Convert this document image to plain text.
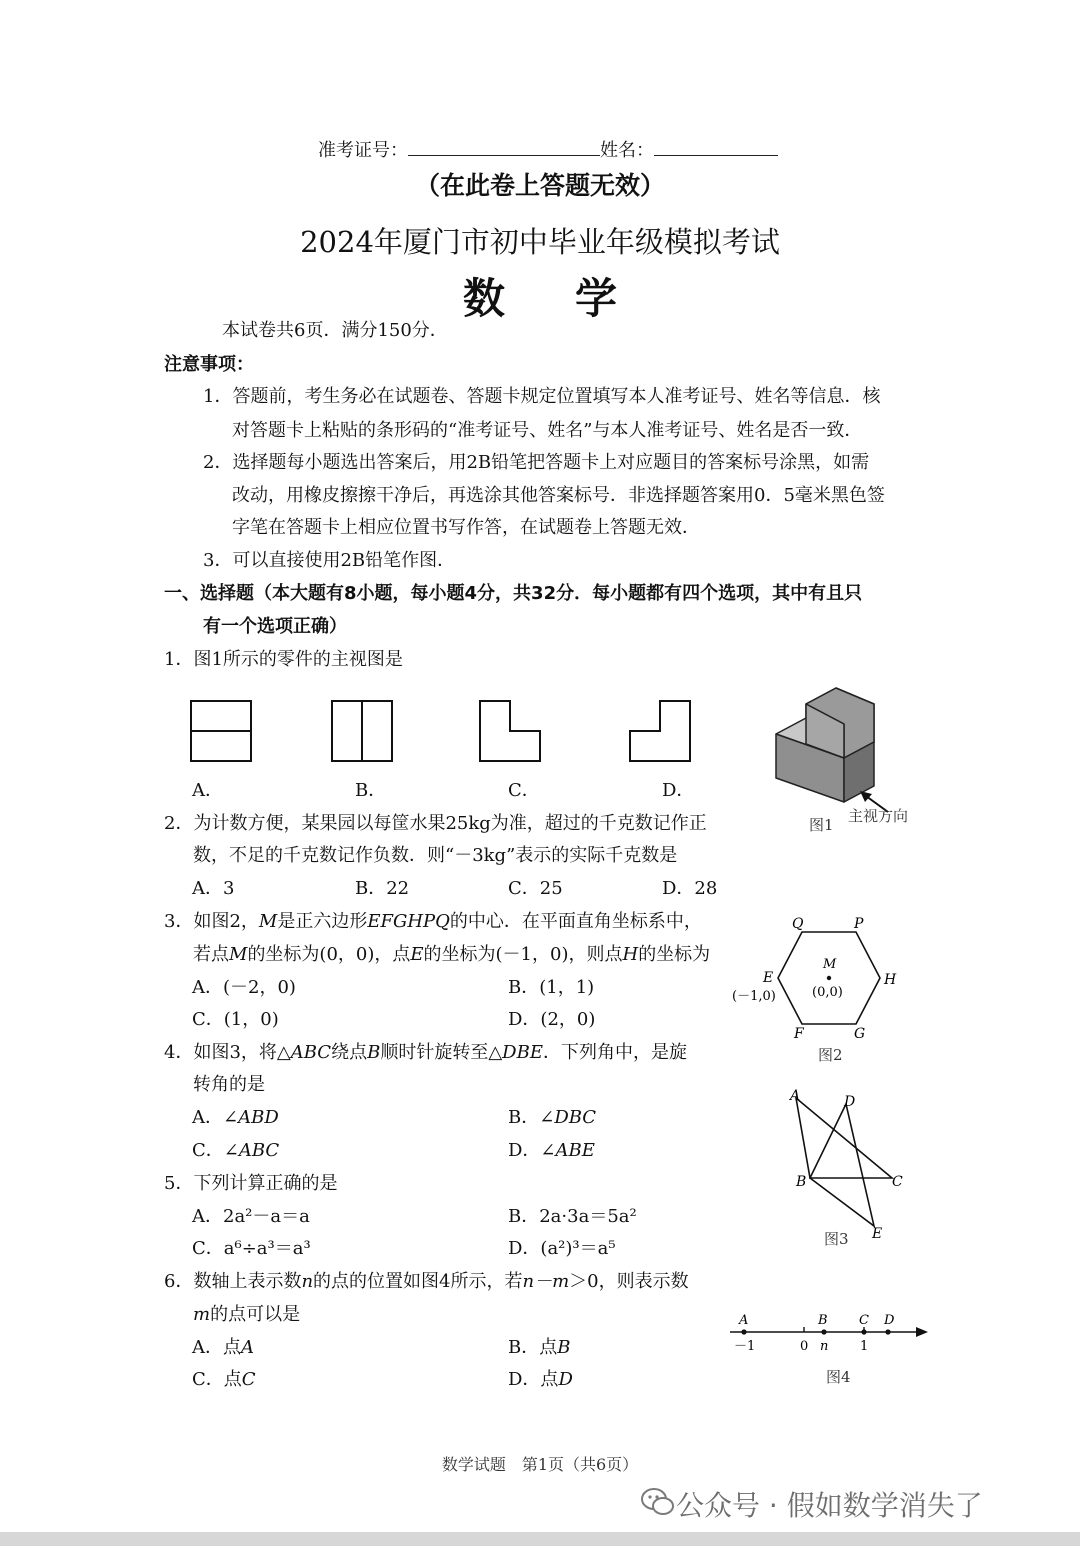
准考证号：	姓名：
（在此卷上答题无效）
2024年厦门市初中毕业年级模拟考试
数学
本试卷共6页．满分150分．
注意事项：
1．答题前，考生务必在试题卷、答题卡规定位置填写本人准考证号、姓名等信息．核
对答题卡上粘贴的条形码的“准考证号、姓名”与本人准考证号、姓名是否一致．
2．选择题每小题选出答案后，用2B铅笔把答题卡上对应题目的答案标号涂黑，如需
改动，用橡皮擦擦干净后，再选涂其他答案标号．非选择题答案用0．5毫米黑色签
字笔在答题卡上相应位置书写作答，在试题卷上答题无效．
3．可以直接使用2B铅笔作图．
一、选择题（本大题有8小题，每小题4分，共32分．每小题都有四个选项，其中有且只
有一个选项正确）
1．图1所示的零件的主视图是
A．	B．	C．	D．
图1 主视方向
2．为计数方便，某果园以每筐水果25kg为准，超过的千克数记作正
数，不足的千克数记作负数．则“－3kg”表示的实际千克数是
A．3	B．22	C．25	D．28
3．如图2，M是正六边形EFGHPQ的中心．在平面直角坐标系中，
若点M的坐标为(0，0)，点E的坐标为(－1，0)，则点H的坐标为
A．(－2，0)	B．(1，1)
C．(1，0)	D．(2，0)
Q	P
E	H
F	G
M
(0,0)
(－1,0)
图2
4．如图3，将△ABC绕点B顺时针旋转至△DBE．下列角中，是旋
转角的是
A．∠ABD	B．∠DBC
C．∠ABC	D．∠ABE
A	D
B	C
E
图3
5．下列计算正确的是
A．2a²－a＝a	B．2a·3a＝5a²
C．a⁶÷a³＝a³	D．(a²)³＝a⁵
6．数轴上表示数n的点的位置如图4所示，若n－m＞0，则表示数
m的点可以是
A．点A	B．点B
C．点C	D．点D
A	B C D
－1	0 n 1
图4
数学试题　第1页（共6页）
公众号 · 假如数学消失了
